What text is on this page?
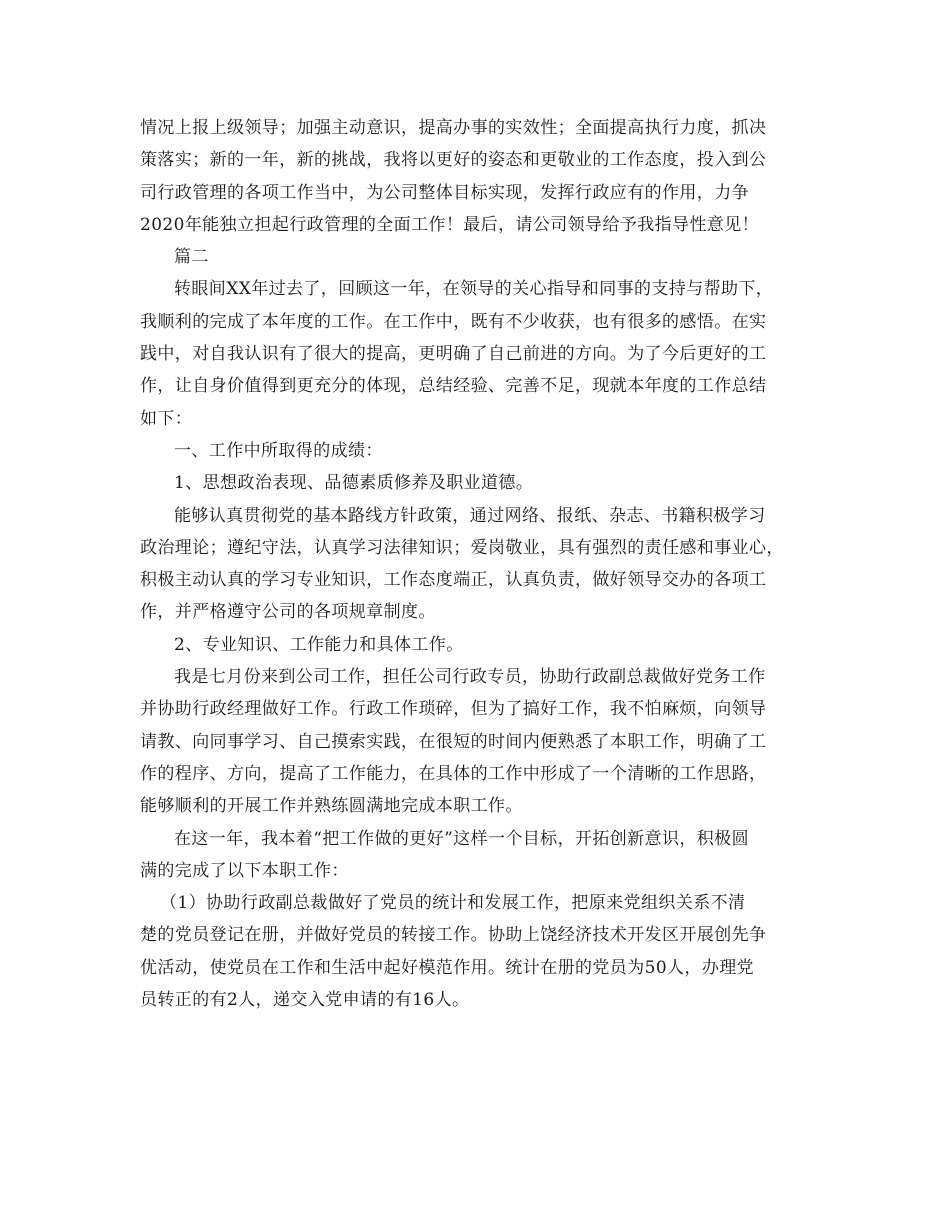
情况上报上级领导；加强主动意识，提高办事的实效性；全面提高执行力度，抓决
策落实；新的一年，新的挑战，我将以更好的姿态和更敬业的工作态度，投入到公
司行政管理的各项工作当中，为公司整体目标实现，发挥行政应有的作用，力争
2020年能独立担起行政管理的全面工作！最后，请公司领导给予我指导性意见！
篇二
转眼间XX年过去了，回顾这一年，在领导的关心指导和同事的支持与帮助下，
我顺利的完成了本年度的工作。在工作中，既有不少收获，也有很多的感悟。在实
践中，对自我认识有了很大的提高，更明确了自己前进的方向。为了今后更好的工
作，让自身价值得到更充分的体现，总结经验、完善不足，现就本年度的工作总结
如下：
一、工作中所取得的成绩：
1、思想政治表现、品德素质修养及职业道德。
能够认真贯彻党的基本路线方针政策，通过网络、报纸、杂志、书籍积极学习
政治理论；遵纪守法，认真学习法律知识；爱岗敬业，具有强烈的责任感和事业心，
积极主动认真的学习专业知识，工作态度端正，认真负责，做好领导交办的各项工
作，并严格遵守公司的各项规章制度。
2、专业知识、工作能力和具体工作。
我是七月份来到公司工作，担任公司行政专员，协助行政副总裁做好党务工作
并协助行政经理做好工作。行政工作琐碎，但为了搞好工作，我不怕麻烦，向领导
请教、向同事学习、自己摸索实践，在很短的时间内便熟悉了本职工作，明确了工
作的程序、方向，提高了工作能力，在具体的工作中形成了一个清晰的工作思路，
能够顺利的开展工作并熟练圆满地完成本职工作。
在这一年，我本着“把工作做的更好”这样一个目标，开拓创新意识，积极圆
满的完成了以下本职工作：
（1）协助行政副总裁做好了党员的统计和发展工作，把原来党组织关系不清
楚的党员登记在册，并做好党员的转接工作。协助上饶经济技术开发区开展创先争
优活动，使党员在工作和生活中起好模范作用。统计在册的党员为50人，办理党
员转正的有2人，递交入党申请的有16人。
